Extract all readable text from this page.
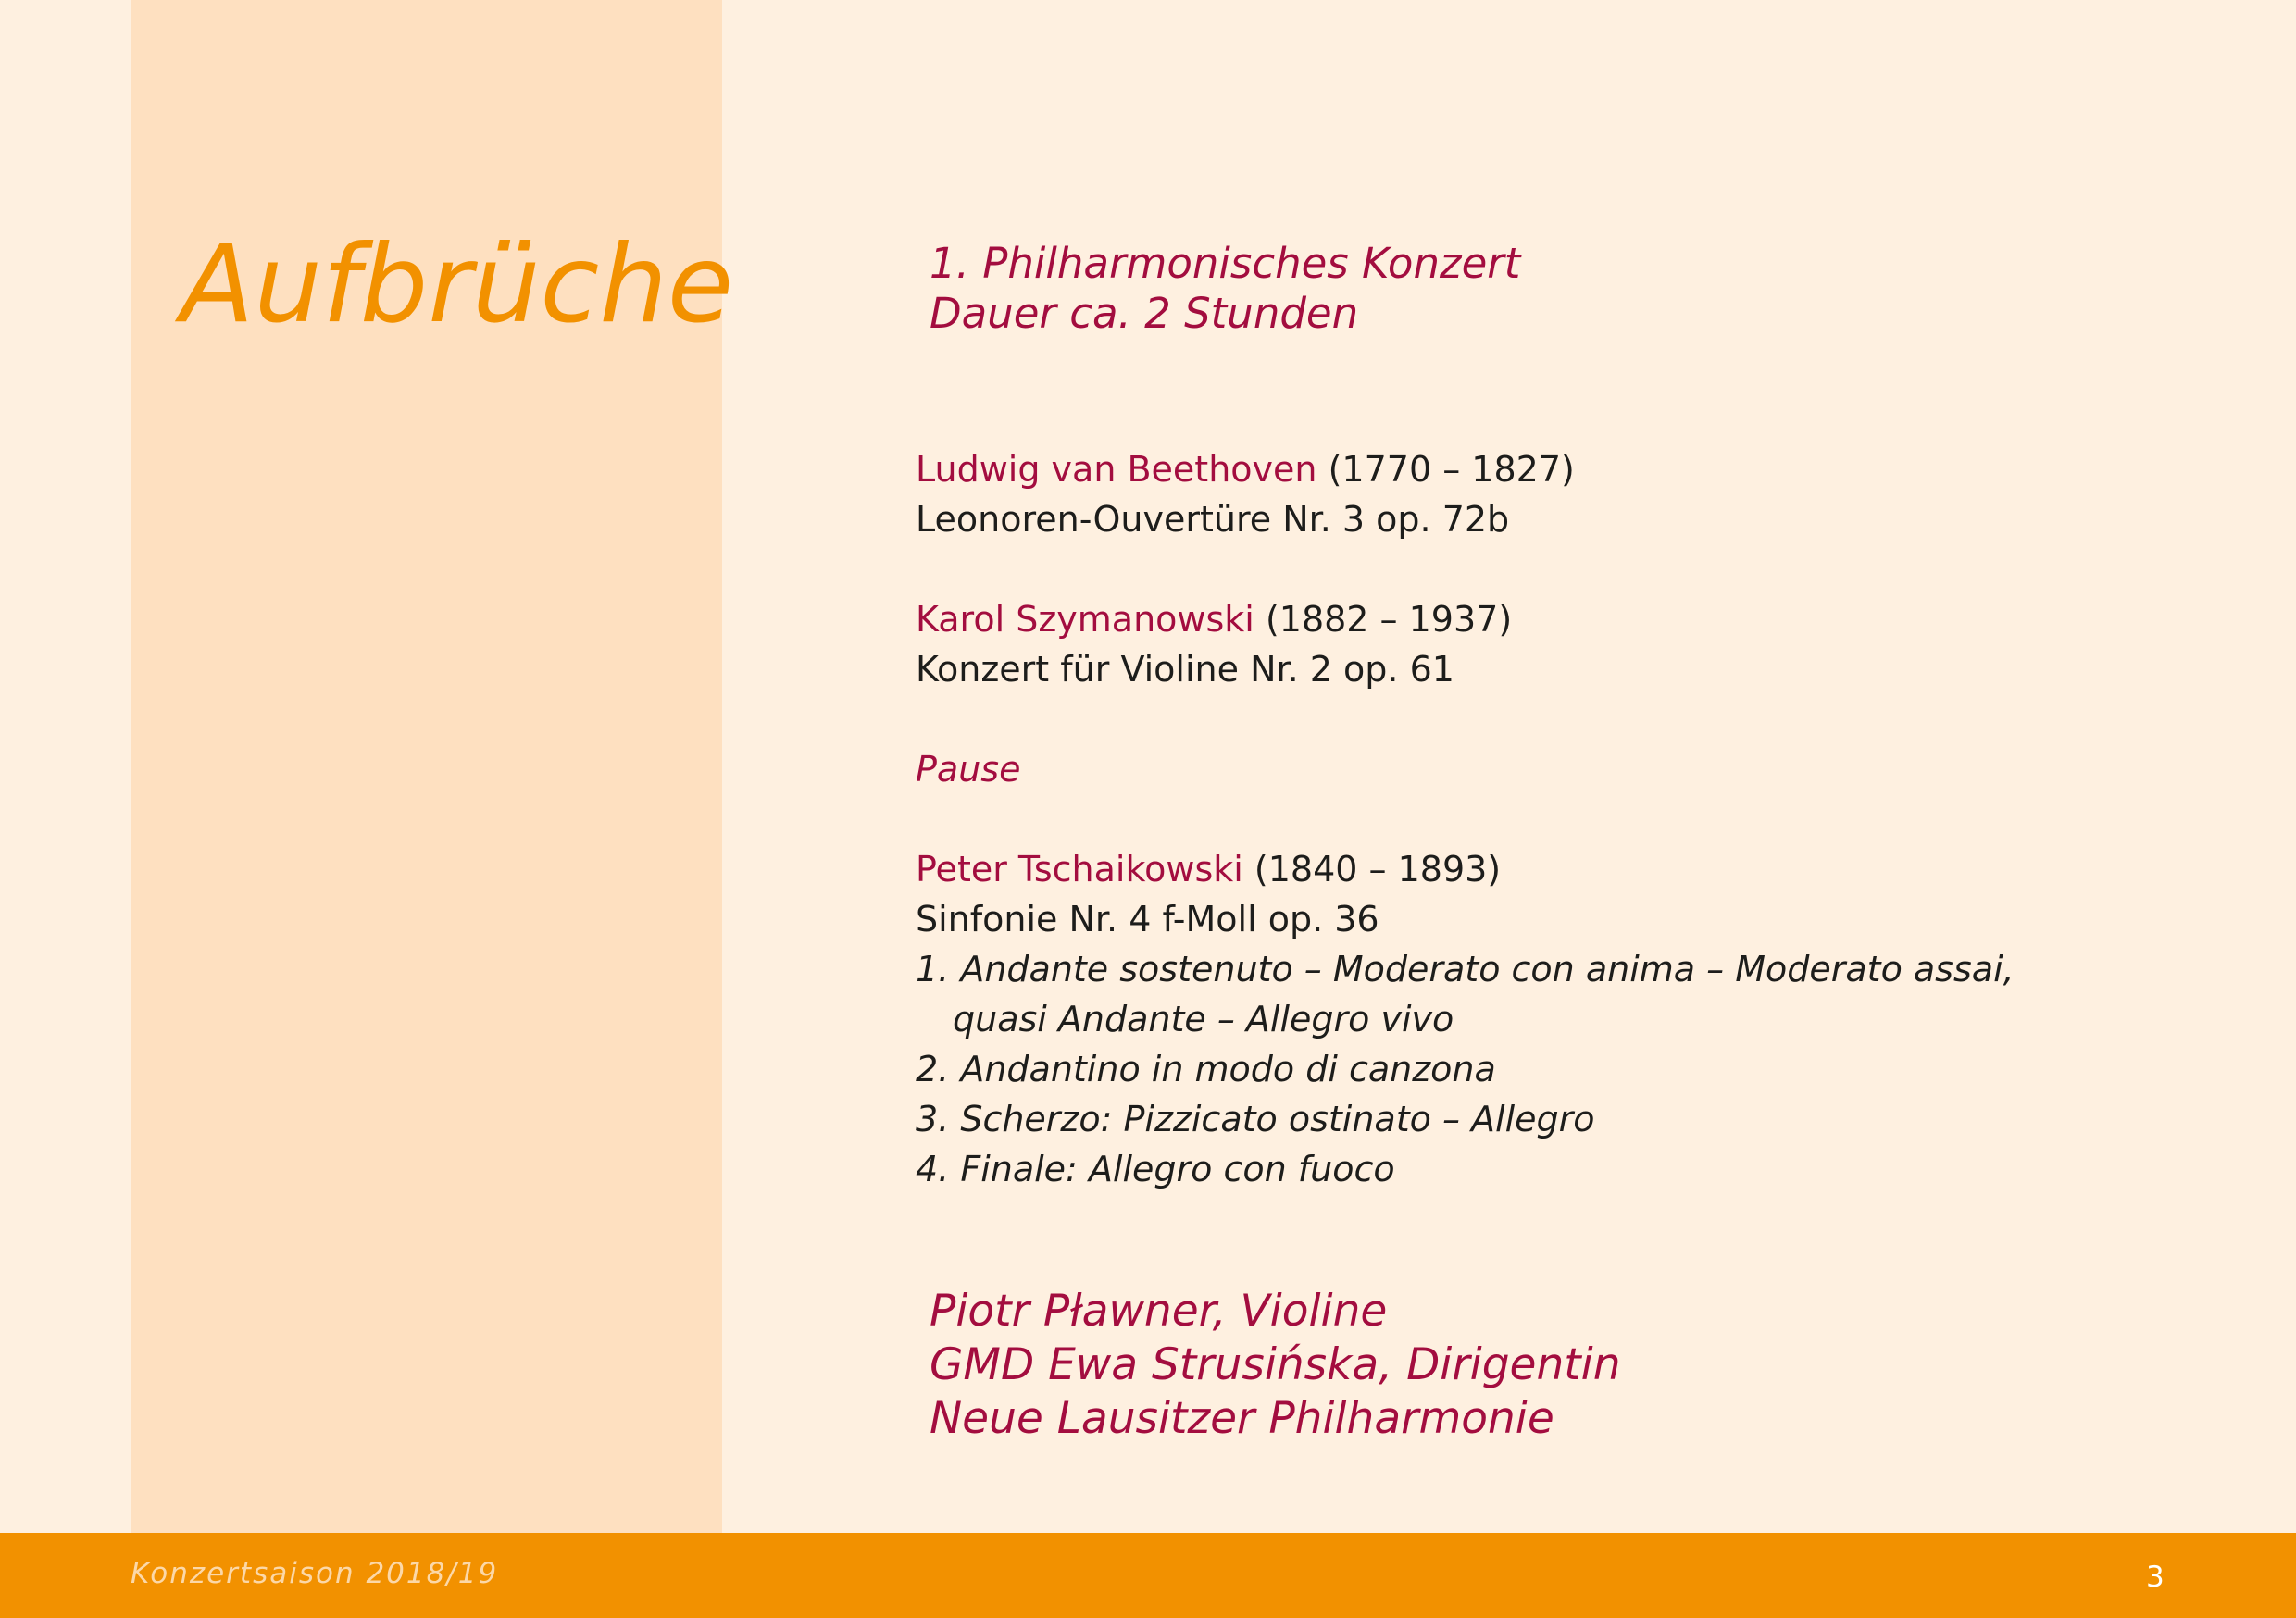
Aufbrüche	1. Philharmonisches Konzert
Dauer ca. 2 Stunden
Ludwig van Beethoven (1770 – 1827)
Leonoren-Ouvertüre Nr. 3 op. 72b
Karol Szymanowski (1882 – 1937)
Konzert für Violine Nr. 2 op. 61
Pause
Peter Tschaikowski (1840 – 1893)
Sinfonie Nr. 4 f-Moll op. 36
1. Andante sostenuto – Moderato con anima – Moderato assai,
quasi Andante – Allegro vivo
2. Andantino in modo di canzona
3. Scherzo: Pizzicato ostinato – Allegro
4. Finale: Allegro con fuoco
Piotr Pławner, Violine
GMD Ewa Strusińska, Dirigentin
Neue Lausitzer Philharmonie
Konzertsaison 2018/19	3
